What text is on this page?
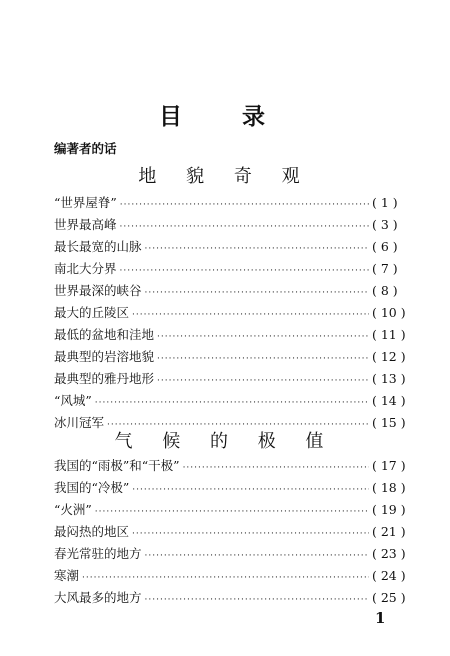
目 录
编著者的话
地 貌 奇 观
“世界屋脊” ·····	( 1 )
世界最高峰 ·····	( 3 )
最长最宽的山脉 ·····	( 6 )
南北大分界 ·····	( 7 )
世界最深的峡谷 ·····	( 8 )
最大的丘陵区 ·····	( 10 )
最低的盆地和洼地 ·····	( 11 )
最典型的岩溶地貌 ·····	( 12 )
最典型的雅丹地形 ·····	( 13 )
“风城” ·····	( 14 )
冰川冠军 ·····	( 15 )
气 候 的 极 值
我国的“雨极”和“干极” ·····	( 17 )
我国的“冷极” ·····	( 18 )
“火洲” ·····	( 19 )
最闷热的地区 ·····	( 21 )
春光常驻的地方 ·····	( 23 )
寒潮 ·····	( 24 )
大风最多的地方 ·····	( 25 )
1
